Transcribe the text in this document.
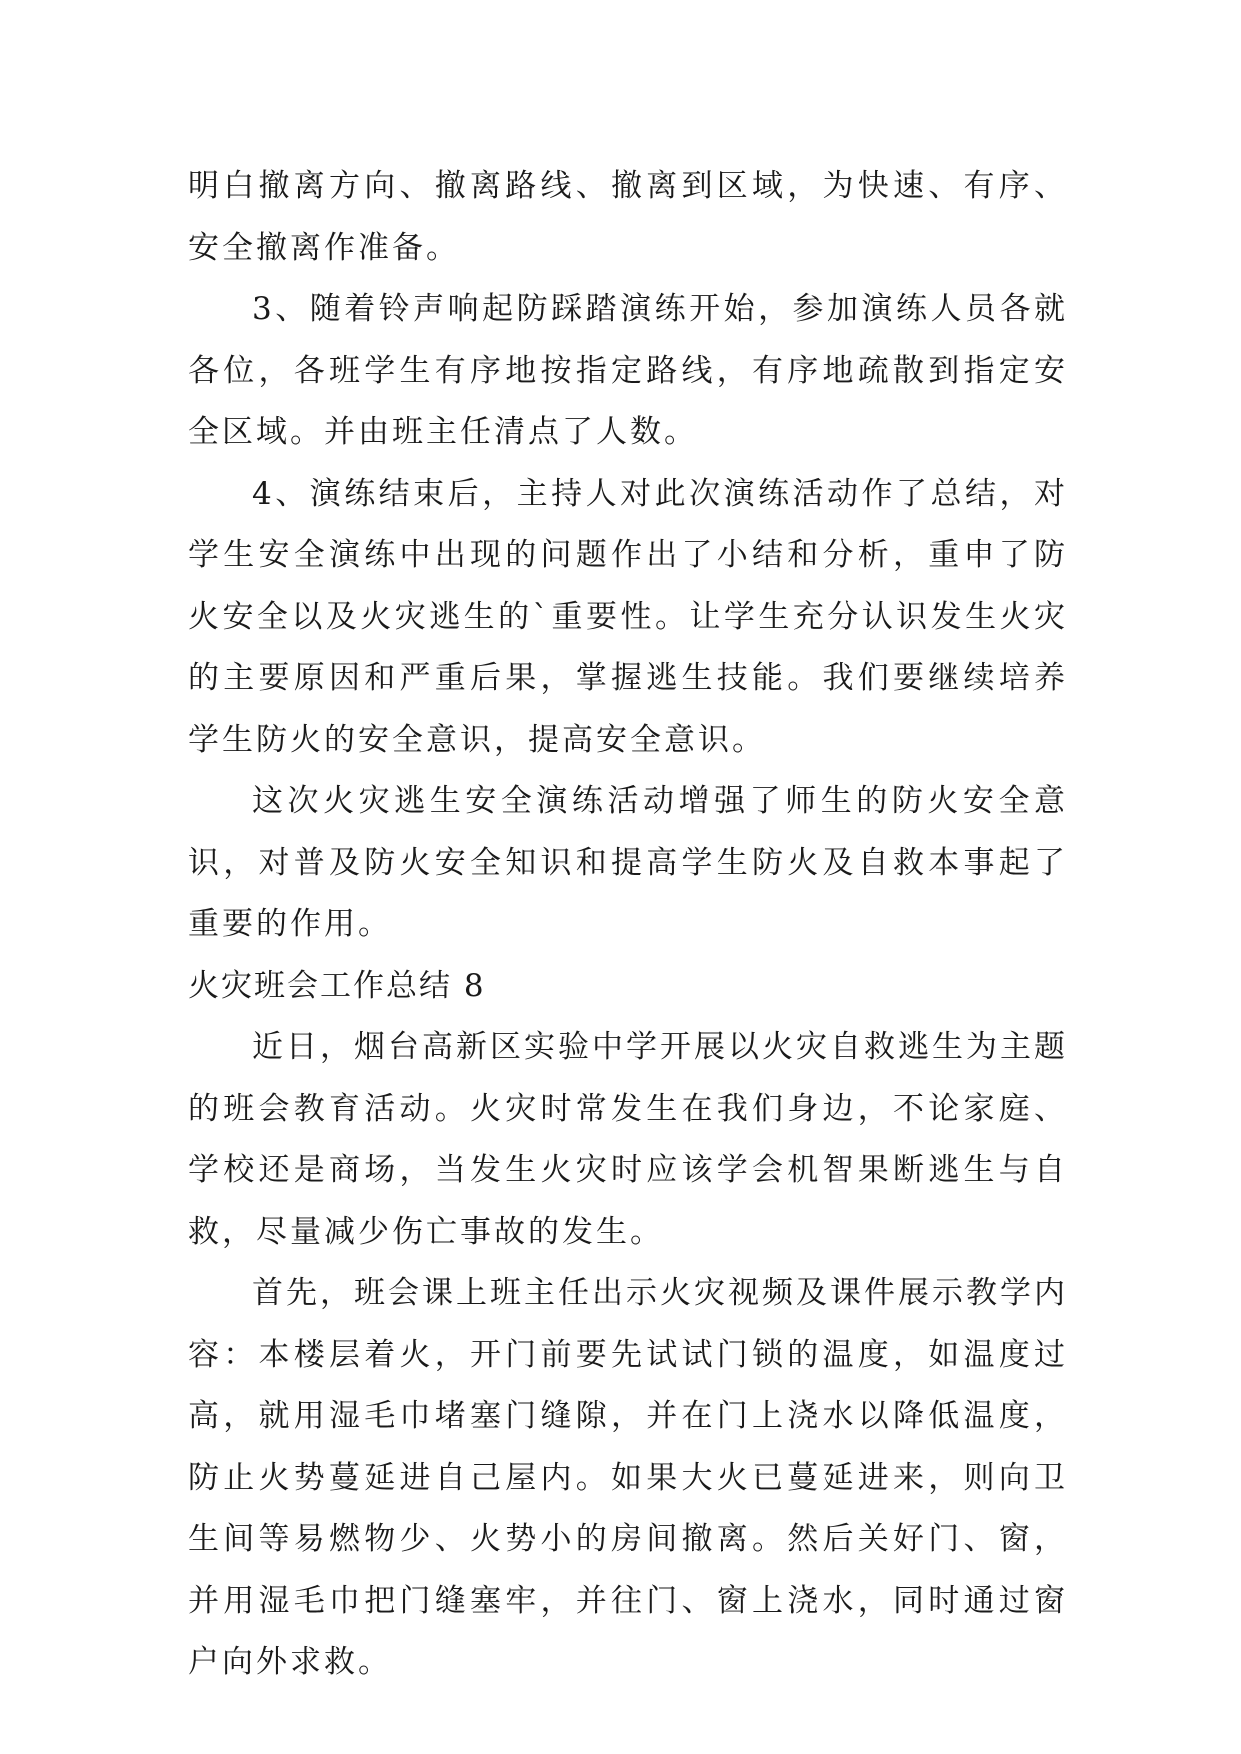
明白撤离方向、撤离路线、撤离到区域，为快速、有序、安全撤离作准备。

3、随着铃声响起防踩踏演练开始，参加演练人员各就各位，各班学生有序地按指定路线，有序地疏散到指定安全区域。并由班主任清点了人数。

4、演练结束后，主持人对此次演练活动作了总结，对学生安全演练中出现的问题作出了小结和分析，重申了防火安全以及火灾逃生的`重要性。让学生充分认识发生火灾的主要原因和严重后果，掌握逃生技能。我们要继续培养学生防火的安全意识，提高安全意识。

这次火灾逃生安全演练活动增强了师生的防火安全意识，对普及防火安全知识和提高学生防火及自救本事起了重要的作用。

火灾班会工作总结 8

近日，烟台高新区实验中学开展以火灾自救逃生为主题的班会教育活动。火灾时常发生在我们身边，不论家庭、学校还是商场，当发生火灾时应该学会机智果断逃生与自救，尽量减少伤亡事故的发生。

首先，班会课上班主任出示火灾视频及课件展示教学内容：本楼层着火，开门前要先试试门锁的温度，如温度过高，就用湿毛巾堵塞门缝隙，并在门上浇水以降低温度，防止火势蔓延进自己屋内。如果大火已蔓延进来，则向卫生间等易燃物少、火势小的房间撤离。然后关好门、窗，并用湿毛巾把门缝塞牢，并往门、窗上浇水，同时通过窗户向外求救。
